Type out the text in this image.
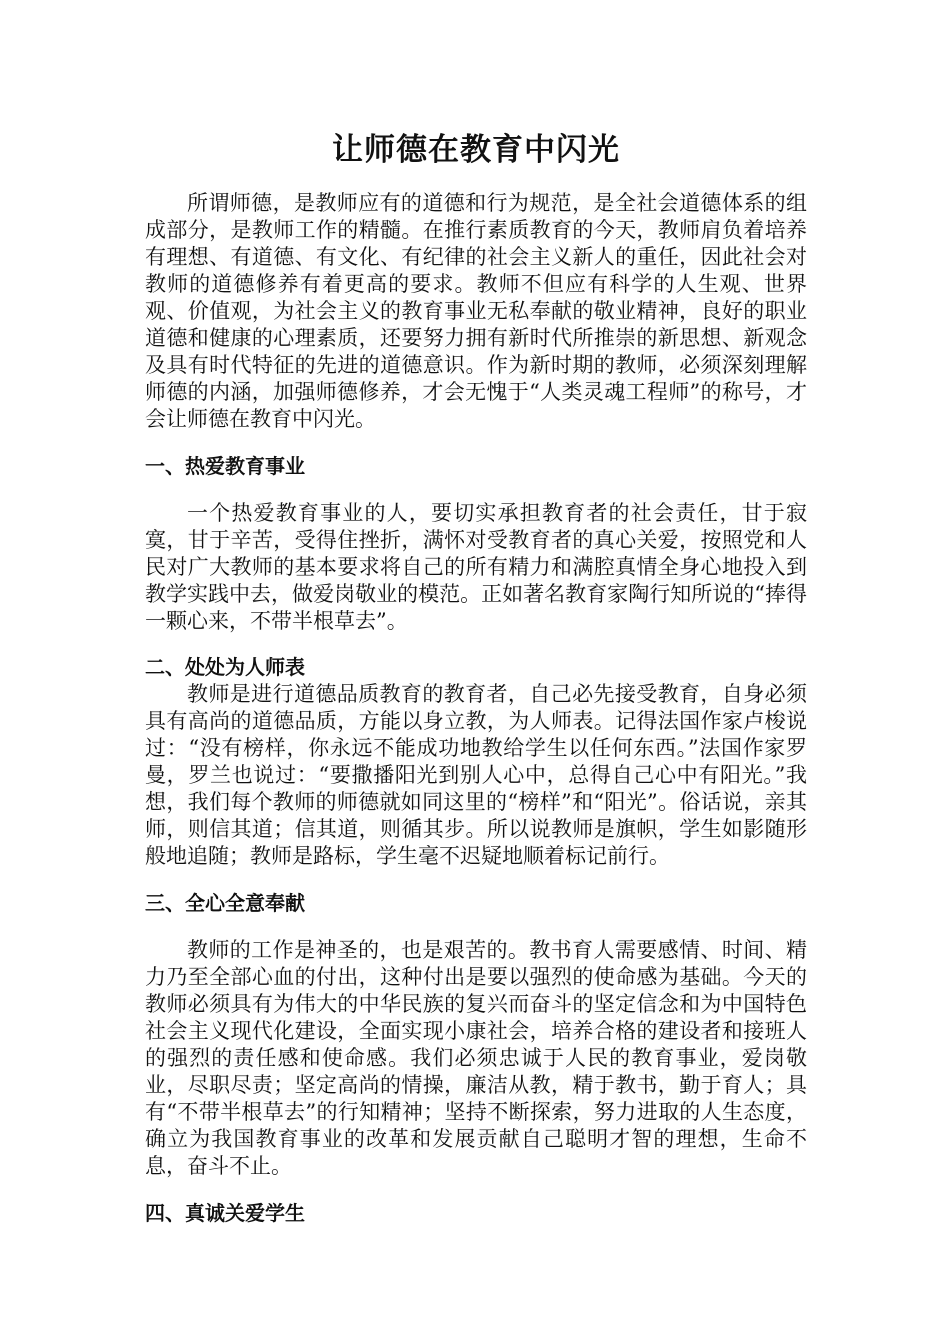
让师德在教育中闪光

所谓师德，是教师应有的道德和行为规范，是全社会道德体系的组成部分，是教师工作的精髓。在推行素质教育的今天，教师肩负着培养有理想、有道德、有文化、有纪律的社会主义新人的重任，因此社会对教师的道德修养有着更高的要求。教师不但应有科学的人生观、世界观、价值观，为社会主义的教育事业无私奉献的敬业精神，良好的职业道德和健康的心理素质，还要努力拥有新时代所推崇的新思想、新观念及具有时代特征的先进的道德意识。作为新时期的教师，必须深刻理解师德的内涵，加强师德修养，才会无愧于“人类灵魂工程师”的称号，才会让师德在教育中闪光。

一、热爱教育事业

一个热爱教育事业的人，要切实承担教育者的社会责任，甘于寂寞，甘于辛苦，受得住挫折，满怀对受教育者的真心关爱，按照党和人民对广大教师的基本要求将自己的所有精力和满腔真情全身心地投入到教学实践中去，做爱岗敬业的模范。正如著名教育家陶行知所说的“捧得一颗心来，不带半根草去”。

二、处处为人师表

教师是进行道德品质教育的教育者，自己必先接受教育，自身必须具有高尚的道德品质，方能以身立教，为人师表。记得法国作家卢梭说过：“没有榜样，你永远不能成功地教给学生以任何东西。”法国作家罗曼，罗兰也说过：“要撒播阳光到别人心中，总得自己心中有阳光。”我想，我们每个教师的师德就如同这里的“榜样”和“阳光”。俗话说，亲其师，则信其道；信其道，则循其步。所以说教师是旗帜，学生如影随形般地追随；教师是路标，学生毫不迟疑地顺着标记前行。

三、全心全意奉献

教师的工作是神圣的，也是艰苦的。教书育人需要感情、时间、精力乃至全部心血的付出，这种付出是要以强烈的使命感为基础。今天的教师必须具有为伟大的中华民族的复兴而奋斗的坚定信念和为中国特色社会主义现代化建设，全面实现小康社会，培养合格的建设者和接班人的强烈的责任感和使命感。我们必须忠诚于人民的教育事业，爱岗敬业，尽职尽责；坚定高尚的情操，廉洁从教，精于教书，勤于育人；具有“不带半根草去”的行知精神；坚持不断探索，努力进取的人生态度，确立为我国教育事业的改革和发展贡献自己聪明才智的理想，生命不息，奋斗不止。

四、真诚关爱学生
